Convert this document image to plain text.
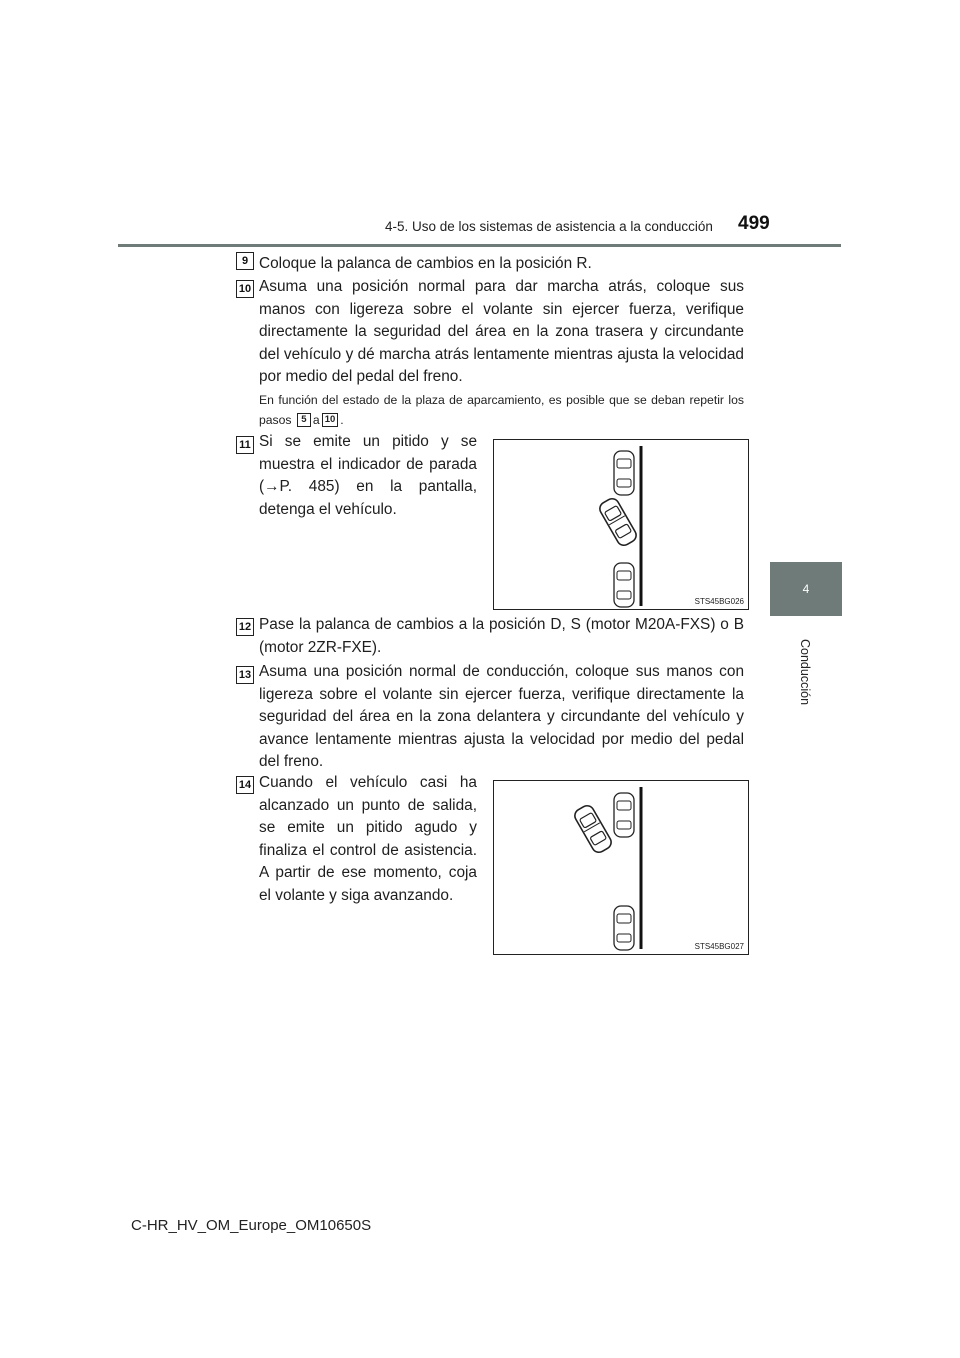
4-5. Uso de los sistemas de asistencia a la conducción 499
4
Conducción
9 Coloque la palanca de cambios en la posición R.

10 Asuma una posición normal para dar marcha atrás, coloque sus manos con ligereza sobre el volante sin ejercer fuerza, verifique directamente la seguridad del área en la zona trasera y circundante del vehículo y dé marcha atrás lentamente mientras ajusta la velocidad por medio del pedal del freno.

En función del estado de la plaza de aparcamiento, es posible que se deban repetir los pasos 5 a 10 .

11 Si se emite un pitido y se muestra el indicador de parada (→P. 485) en la pantalla, detenga el vehículo.

STS45BG026
12 Pase la palanca de cambios a la posición D, S (motor M20A-FXS) o B (motor 2ZR-FXE).

13 Asuma una posición normal de conducción, coloque sus manos con ligereza sobre el volante sin ejercer fuerza, verifique directamente la seguridad del área en la zona delantera y circundante del vehículo y avance lentamente mientras ajusta la velocidad por medio del pedal del freno.

14 Cuando el vehículo casi ha alcanzado un punto de salida, se emite un pitido agudo y finaliza el control de asistencia. A partir de ese momento, coja el volante y siga avanzando.

STS45BG027
C-HR_HV_OM_Europe_OM10650S
